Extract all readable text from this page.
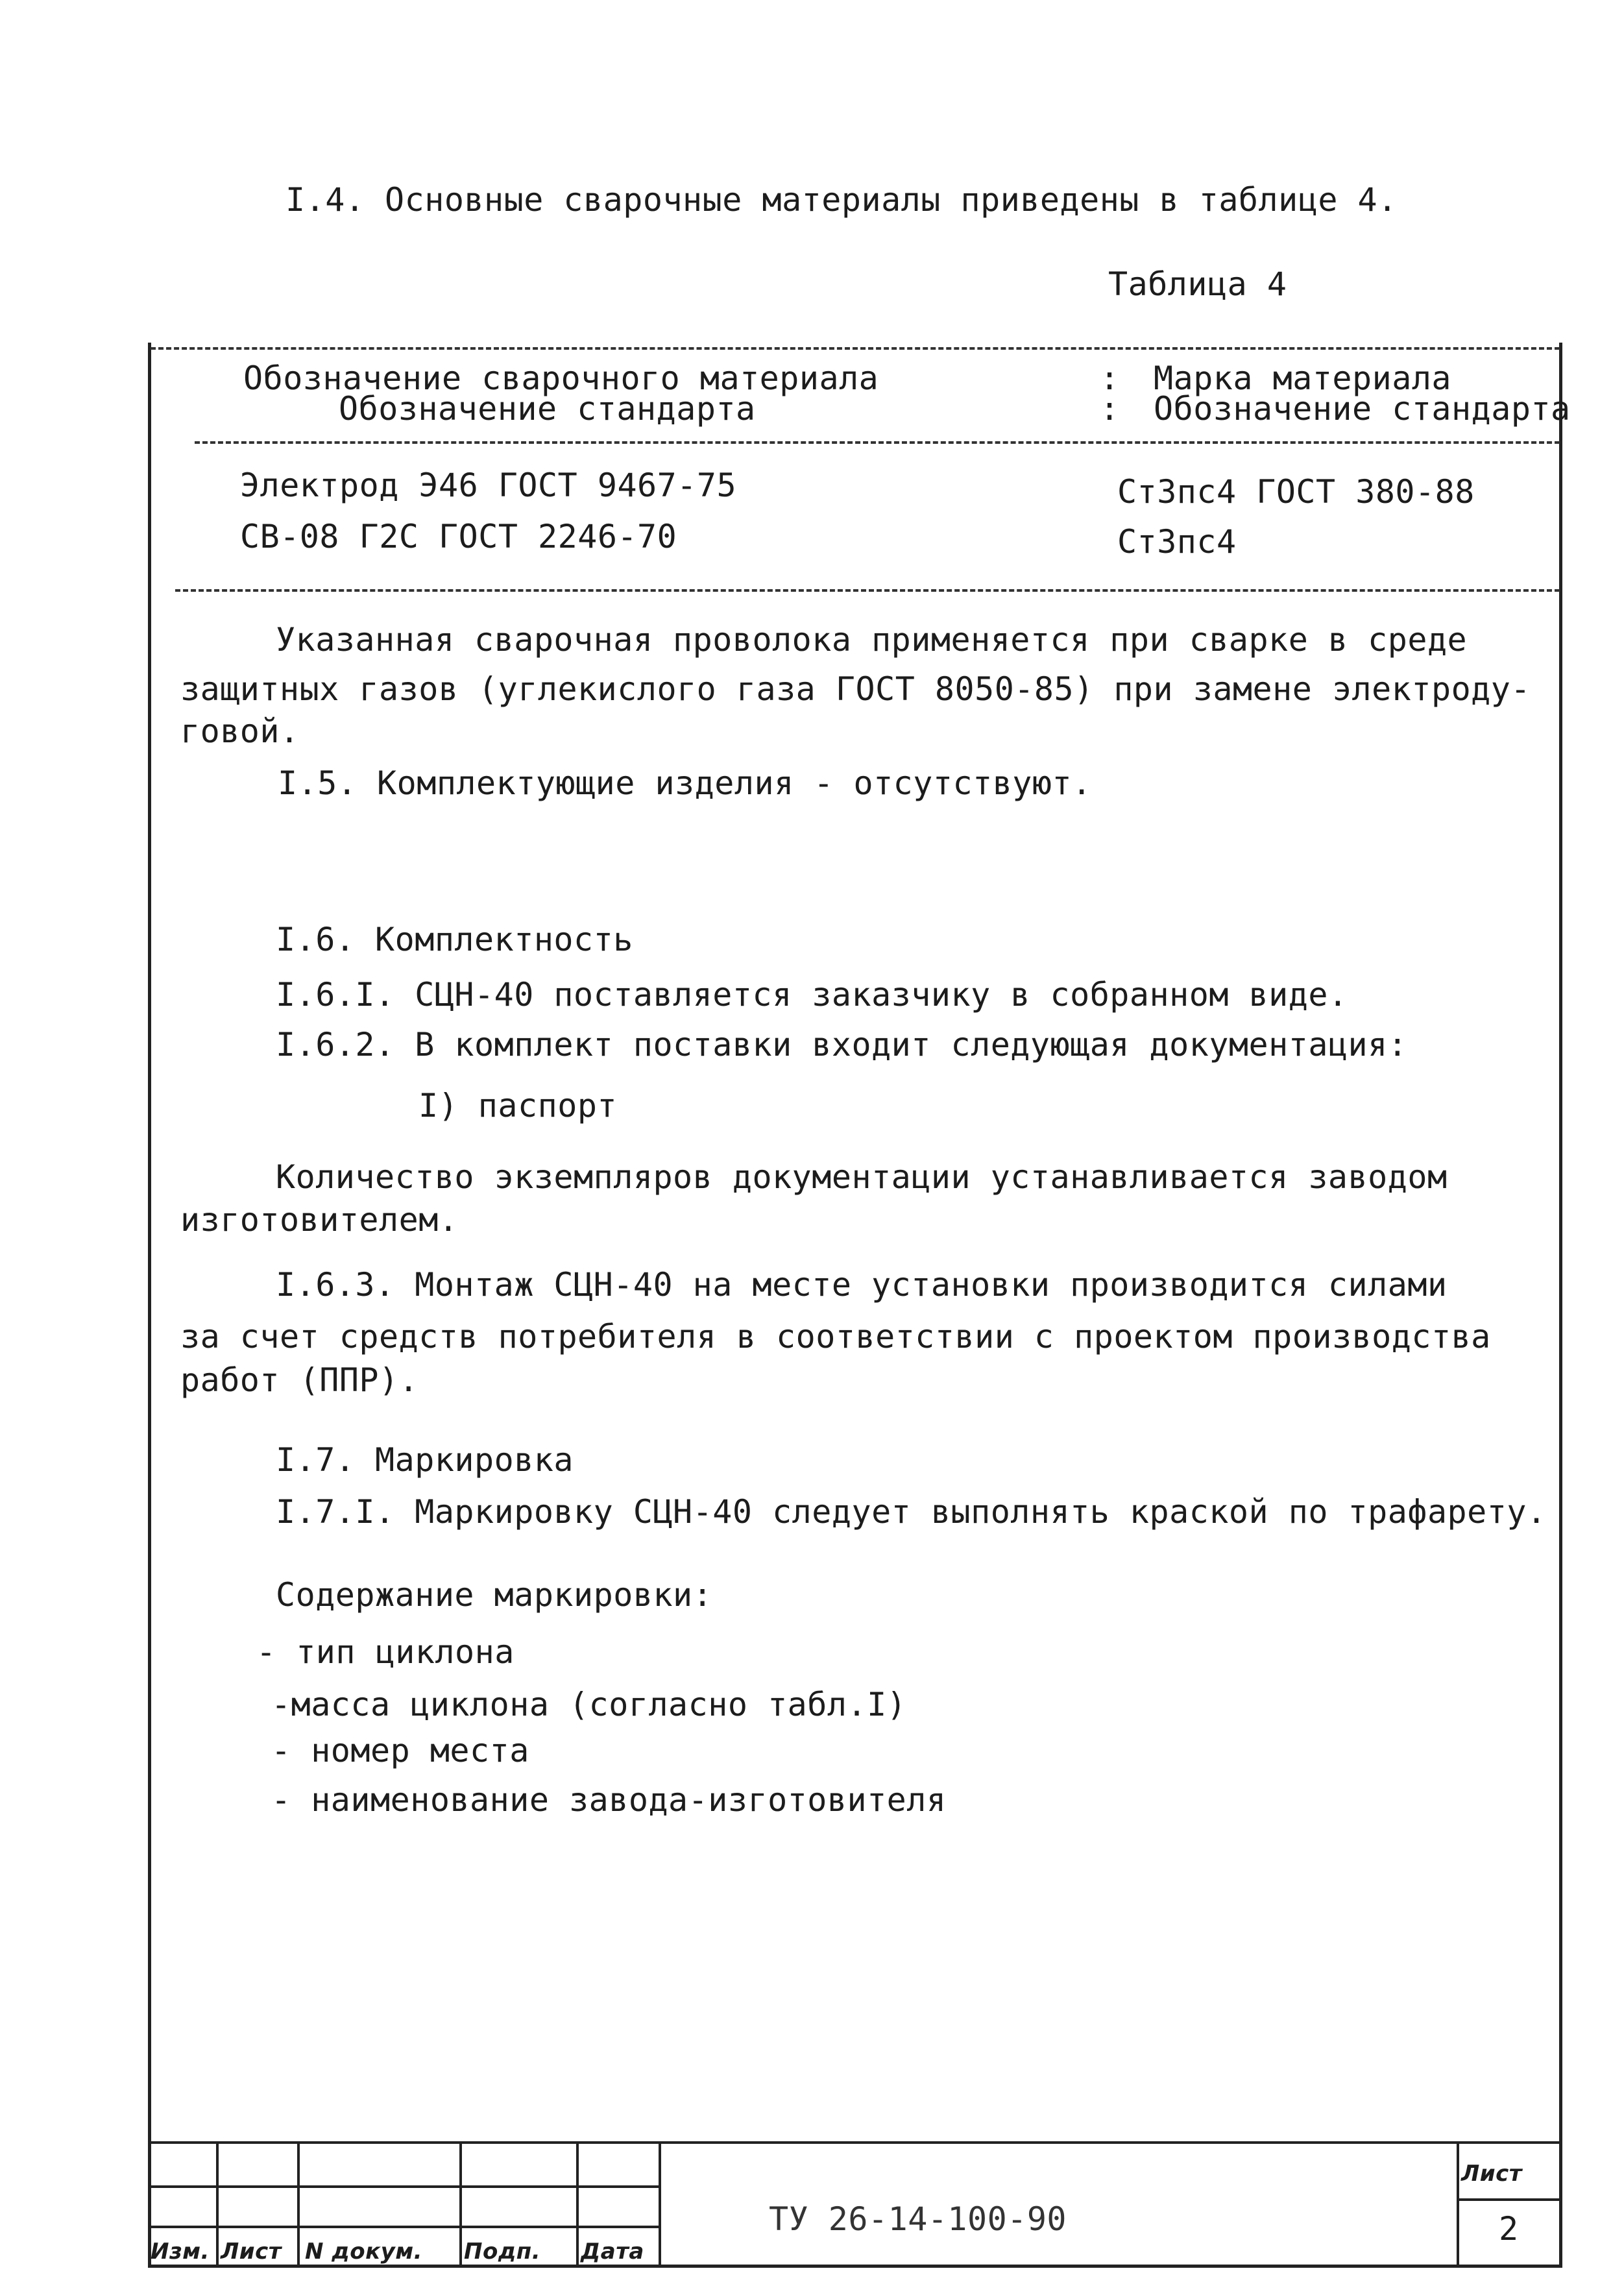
I.4. Основные сварочные материалы приведены в таблице 4.
Таблица 4
Обозначение сварочного материала
Обозначение стандарта
:
:
Марка материала
Обозначение стандарта
Электрод Э46 ГОСТ 9467-75	Ст3пс4 ГОСТ 380-88
СВ-08 Г2С ГОСТ 2246-70	Ст3пс4
Указанная сварочная проволока применяется при сварке в среде
защитных газов (углекислого газа ГОСТ 8050-85) при замене электроду-
говой.
I.5. Комплектующие изделия - отсутствуют.
I.6. Комплектность
I.6.I. СЦН-40 поставляется заказчику в собранном виде.
I.6.2. В комплект поставки входит следующая документация:
I) паспорт
Количество экземпляров документации устанавливается заводом
изготовителем.
I.6.3. Монтаж СЦН-40 на месте установки производится силами
за счет средств потребителя в соответствии с проектом производства
работ (ППР).
I.7. Маркировка
I.7.I. Маркировку СЦН-40 следует выполнять краской по трафарету.
Содержание маркировки:
- тип циклона
-масса циклона (согласно табл.I)
- номер места
- наименование завода-изготовителя
Изм. Лист N докум. Подп. Дата
ТУ 26-14-100-90
Лист
2
